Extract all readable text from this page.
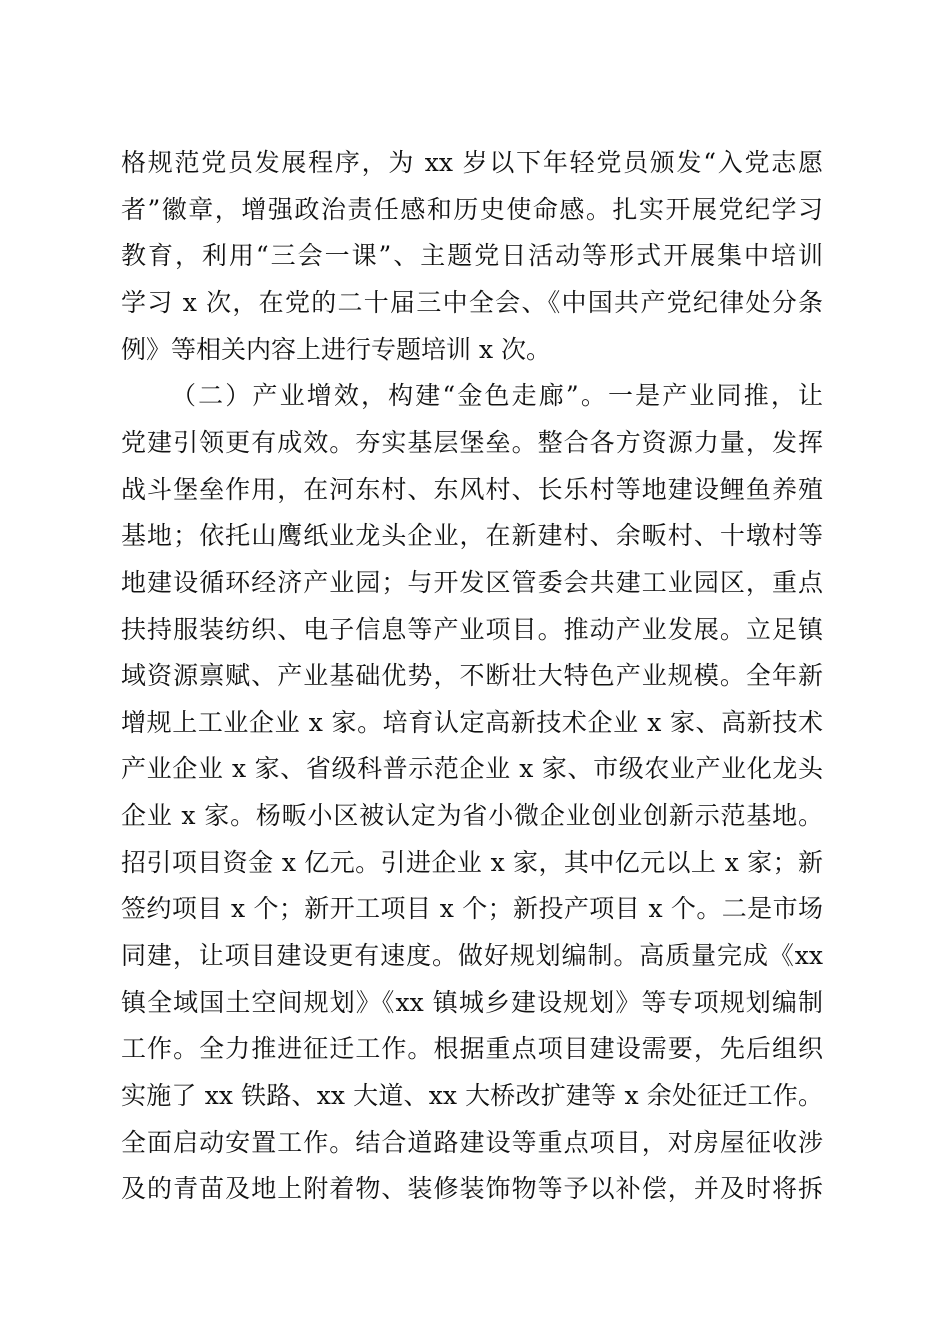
格规范党员发展程序，为 xx 岁以下年轻党员颁发“入党志愿
者”徽章，增强政治责任感和历史使命感。扎实开展党纪学习
教育，利用“三会一课”、主题党日活动等形式开展集中培训
学习 x 次，在党的二十届三中全会、《中国共产党纪律处分条
例》等相关内容上进行专题培训 x 次。
（二）产业增效，构建“金色走廊”。一是产业同推，让
党建引领更有成效。夯实基层堡垒。整合各方资源力量，发挥
战斗堡垒作用，在河东村、东风村、长乐村等地建设鲤鱼养殖
基地；依托山鹰纸业龙头企业，在新建村、余畈村、十墩村等
地建设循环经济产业园；与开发区管委会共建工业园区，重点
扶持服装纺织、电子信息等产业项目。推动产业发展。立足镇
域资源禀赋、产业基础优势，不断壮大特色产业规模。全年新
增规上工业企业 x 家。培育认定高新技术企业 x 家、高新技术
产业企业 x 家、省级科普示范企业 x 家、市级农业产业化龙头
企业 x 家。杨畈小区被认定为省小微企业创业创新示范基地。
招引项目资金 x 亿元。引进企业 x 家，其中亿元以上 x 家；新
签约项目 x 个；新开工项目 x 个；新投产项目 x 个。二是市场
同建，让项目建设更有速度。做好规划编制。高质量完成《xx
镇全域国土空间规划》《xx 镇城乡建设规划》等专项规划编制
工作。全力推进征迁工作。根据重点项目建设需要，先后组织
实施了 xx 铁路、xx 大道、xx 大桥改扩建等 x 余处征迁工作。
全面启动安置工作。结合道路建设等重点项目，对房屋征收涉
及的青苗及地上附着物、装修装饰物等予以补偿，并及时将拆
